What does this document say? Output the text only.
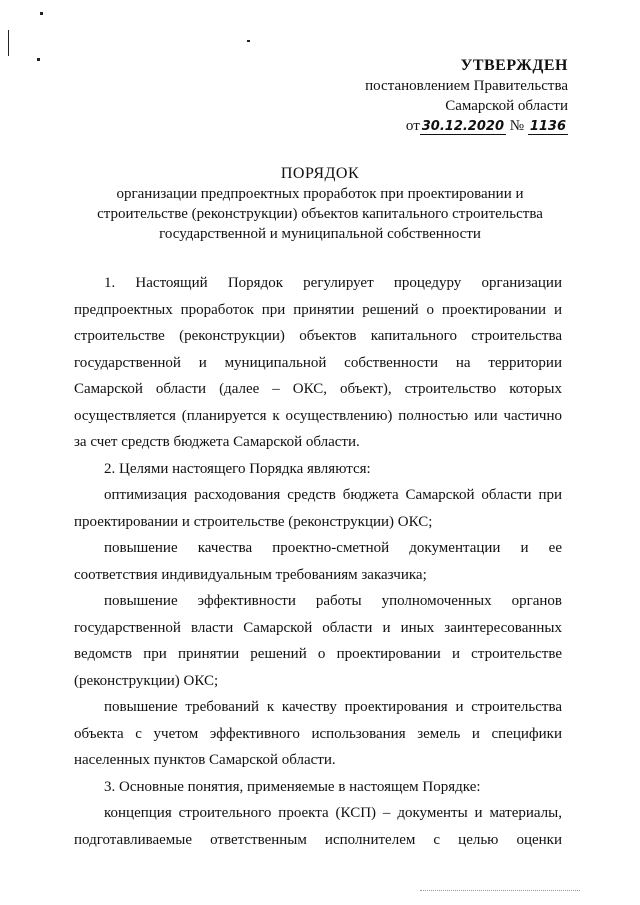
УТВЕРЖДЕН
постановлением Правительства
Самарской области
от 30.12.2020 № 1136
ПОРЯДОК
организации предпроектных проработок при проектировании и
строительстве (реконструкции) объектов капитального строительства
государственной и муниципальной собственности

1. Настоящий Порядок регулирует процедуру организации предпроектных проработок при принятии решений о проектировании и строительстве (реконструкции) объектов капитального строительства государственной и муниципальной собственности на территории Самарской области (далее – ОКС, объект), строительство которых осуществляется (планируется к осуществлению) полностью или частично за счет средств бюджета Самарской области.

2. Целями настоящего Порядка являются:

оптимизация расходования средств бюджета Самарской области при проектировании и строительстве (реконструкции) ОКС;

повышение качества проектно-сметной документации и ее соответствия индивидуальным требованиям заказчика;

повышение эффективности работы уполномоченных органов государственной власти Самарской области и иных заинтересованных ведомств при принятии решений о проектировании и строительстве (реконструкции) ОКС;

повышение требований к качеству проектирования и строительства объекта с учетом эффективного использования земель и специфики населенных пунктов Самарской области.

3. Основные понятия, применяемые в настоящем Порядке:

концепция строительного проекта (КСП) – документы и материалы, подготавливаемые ответственным исполнителем с целью оценки
